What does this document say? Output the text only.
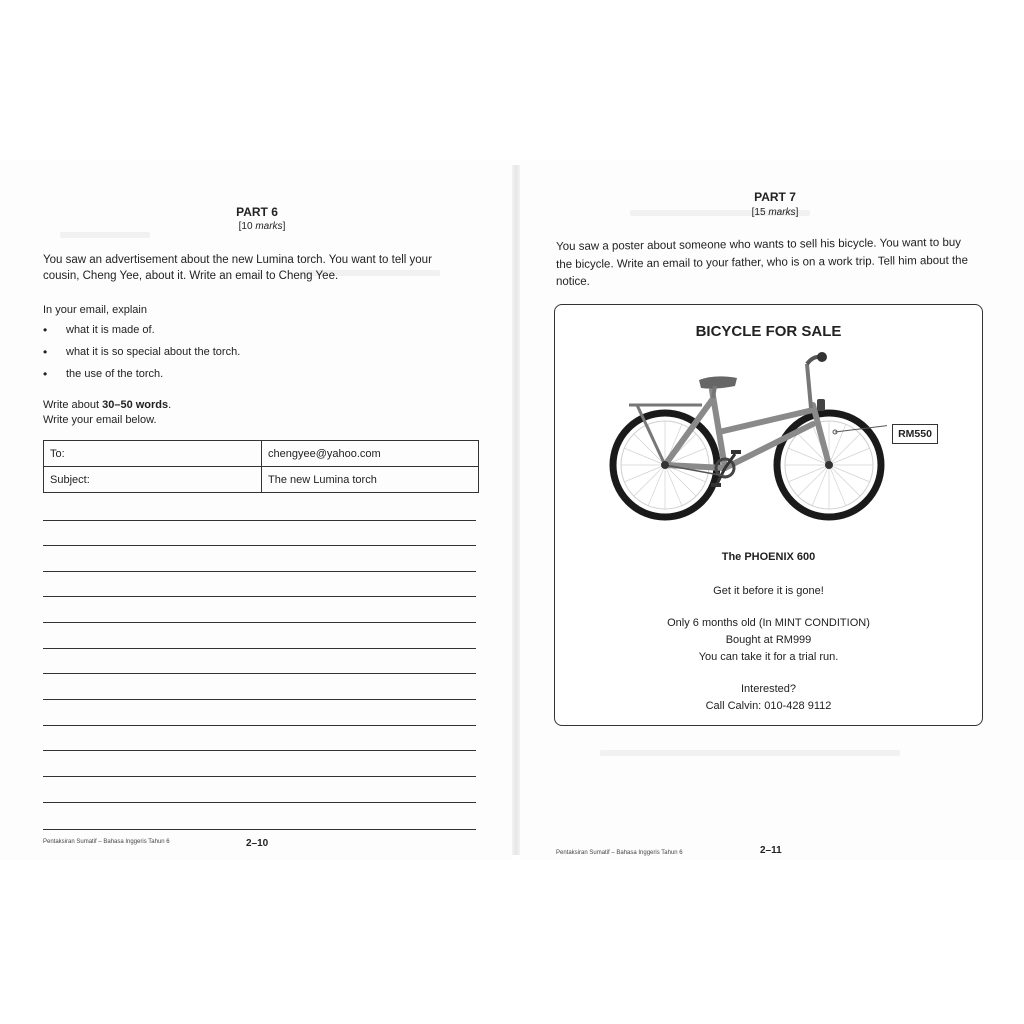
PART 6
[10 marks]
You saw an advertisement about the new Lumina torch. You want to tell your
cousin, Cheng Yee, about it. Write an email to Cheng Yee.
In your email, explain
• what it is made of.
• what it is so special about the torch.
• the use of the torch.
Write about 30–50 words.
Write your email below.
To:	chengyee@yahoo.com
Subject:	The new Lumina torch
Pentaksiran Sumatif – Bahasa Inggeris Tahun 6	2–10
PART 7
[15 marks]
You saw a poster about someone who wants to sell his bicycle. You want to buy
the bicycle. Write an email to your father, who is on a work trip. Tell him about the
notice.
BICYCLE FOR SALE
RM550
The PHOENIX 600
Get it before it is gone!
Only 6 months old (In MINT CONDITION)
Bought at RM999
You can take it for a trial run.
Interested?
Call Calvin: 010-428 9112
Pentaksiran Sumatif – Bahasa Inggeris Tahun 6	2–11
